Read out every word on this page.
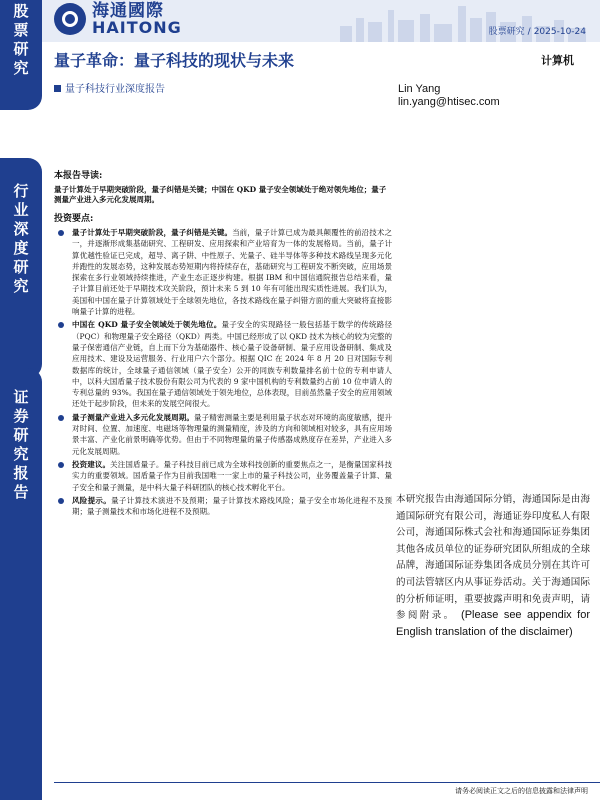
股票研究
行业深度研究
证券研究报告
海通國際
HAITONG	股票研究 / 2025-10-24
量子革命：量子科技的现状与未来	计算机
量子科技行业深度报告	Lin Yang
lin.yang@htisec.com
本报告导读:
量子计算处于早期突破阶段，量子纠错是关键；中国在 QKD 量子安全领域处于绝对领先地位；量子测量产业进入多元化发展周期。
投资要点:
量子计算处于早期突破阶段，量子纠错是关键。当前，量子计算已成为最具颠覆性的前沿技术之一，并逐渐形成集基础研究、工程研发、应用探索和产业培育为一体的发展格局。当前，量子计算优越性验证已完成，超导、离子阱、中性原子、光量子、硅半导体等多种技术路线呈现多元化并跑性的发展态势，这种发展态势短期内将持续存在，基础研究与工程研发不断突破，应用场景探索在多行业领域持续推进，产业生态正逐步构建。根据 IBM 和中国信通院报告总结来看，量子计算目前还处于早期技术攻关阶段，预计未来 5 到 10 年有可能出现实质性进展。我们认为，美国和中国在量子计算领域处于全球领先地位，各技术路线在量子纠错方面的重大突破将直接影响量子计算的进程。
中国在 QKD 量子安全领域处于领先地位。量子安全的实现路径一般包括基于数学的传统路径（PQC）和物理量子安全路径（QKD）两类。中国已经形成了以 QKD 技术为核心的较为完整的量子保密通信产业链，自上而下分为基础器件、核心量子设备研制、量子应用设备研制、集成及应用技术、建设及运营服务、行业用户六个部分。根据 QIC 在 2024 年 8 月 20 日对国际专利数据库的统计，全球量子通信领域（量子安全）公开的同族专利数量排名前十位的专利申请人中，以科大国盾量子技术股份有限公司为代表的 9 家中国机构的专利数量约占前 10 位申请人的专利总量的 93%。我国在量子通信领域处于领先地位，总体表现，目前虽然量子安全的应用领域还处于起步阶段，但未来的发展空间很大。
量子测量产业进入多元化发展周期。量子精密测量主要是利用量子状态对环境的高度敏感，提升对时间、位置、加速度、电磁场等物理量的测量精度，涉及的方向和领域相对较多，具有应用场景丰富、产业化前景明确等优势。但由于不同物理量的量子传感器成熟度存在差异，产业进入多元化发展周期。
投资建议。关注国盾量子。量子科技目前已成为全球科技创新的重要焦点之一，是衡量国家科技实力的重要领域。国盾量子作为目前我国唯一一家上市的量子科技公司，业务覆盖量子计算、量子安全和量子测量，是中科大量子科研团队的核心技术孵化平台。
风险提示。量子计算技术演进不及预期；量子计算技术路线风险；量子安全市场化进程不及预期；量子测量技术和市场化进程不及预期。
本研究报告由海通国际分销，海通国际是由海通国际研究有限公司，海通证券印度私人有限公司，海通国际株式会社和海通国际证券集团其他各成员单位的证券研究团队所组成的全球品牌，海通国际证券集团各成员分别在其许可的司法管辖区内从事证券活动。关于海通国际的分析师证明，重要披露声明和免责声明，请参阅附录。 (Please see appendix for English translation of the disclaimer)
请务必阅读正文之后的信息披露和法律声明
